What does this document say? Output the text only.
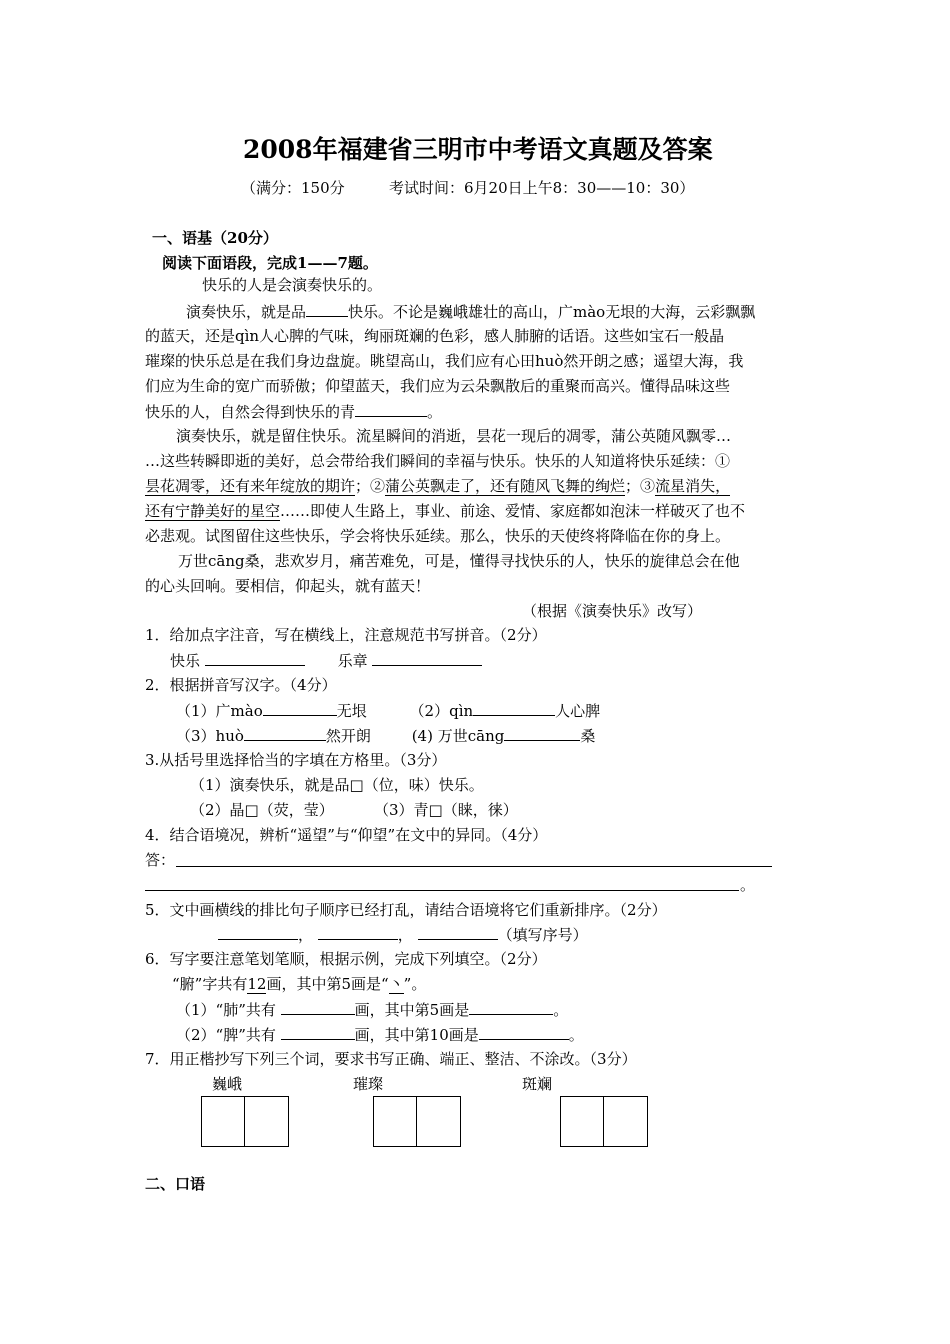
2008年福建省三明市中考语文真题及答案
（满分：150分	考试时间：6月20日上午8：30——10：30）
一、语基（20分）
阅读下面语段，完成1——7题。
快乐的人是会演奏快乐的。
演奏快乐，就是品	快乐。不论是巍峨雄壮的高山，广mào无垠的大海，云彩飘飘
的蓝天，还是qìn人心脾的气味，绚丽斑斓的色彩，感人肺腑的话语。这些如宝石一般晶
璀璨的快乐总是在我们身边盘旋。眺望高山，我们应有心田huò然开朗之感；遥望大海，我
们应为生命的宽广而骄傲；仰望蓝天，我们应为云朵飘散后的重聚而高兴。懂得品味这些
快乐的人，自然会得到快乐的青	。
演奏快乐，就是留住快乐。流星瞬间的消逝，昙花一现后的凋零，蒲公英随风飘零…
…这些转瞬即逝的美好，总会带给我们瞬间的幸福与快乐。快乐的人知道将快乐延续：①
昙花凋零，还有来年绽放的期许；②蒲公英飘走了，还有随风飞舞的绚烂；③流星消失，
还有宁静美好的星空……即使人生路上，事业、前途、爱情、家庭都如泡沫一样破灭了也不
必悲观。试图留住这些快乐，学会将快乐延续。那么，快乐的天使终将降临在你的身上。
万世cāng桑，悲欢岁月，痛苦难免，可是，懂得寻找快乐的人，快乐的旋律总会在他
的心头回响。要相信，仰起头，就有蓝天！
（根据《演奏快乐》改写）
1．给加点字注音，写在横线上，注意规范书写拼音。（2分）
快乐	乐章
2．根据拼音写汉字。（4分）
（1）广mào	无垠	（2）qìn	人心脾
（3）huò	然开朗	(4) 万世cāng	桑
3.从括号里选择恰当的字填在方格里。（3分）
（1）演奏快乐，就是品□（位，味）快乐。
（2）晶□（荧，莹）	（3）青□（睐，徕）
4．结合语境况，辨析“遥望”与“仰望”在文中的异同。（4分）
答：
。
5．文中画横线的排比句子顺序已经打乱，请结合语境将它们重新排序。（2分）
，	，	（填写序号）
6．写字要注意笔划笔顺，根据示例，完成下列填空。（2分）
“腑”字共有12画，其中第5画是“丶”。
（1）“肺”共有	画，其中第5画是	。
（2）“脾”共有	画，其中第10画是	。
7．用正楷抄写下列三个词，要求书写正确、端正、整洁、不涂改。（3分）
巍峨	璀璨	斑斓
二、口语
